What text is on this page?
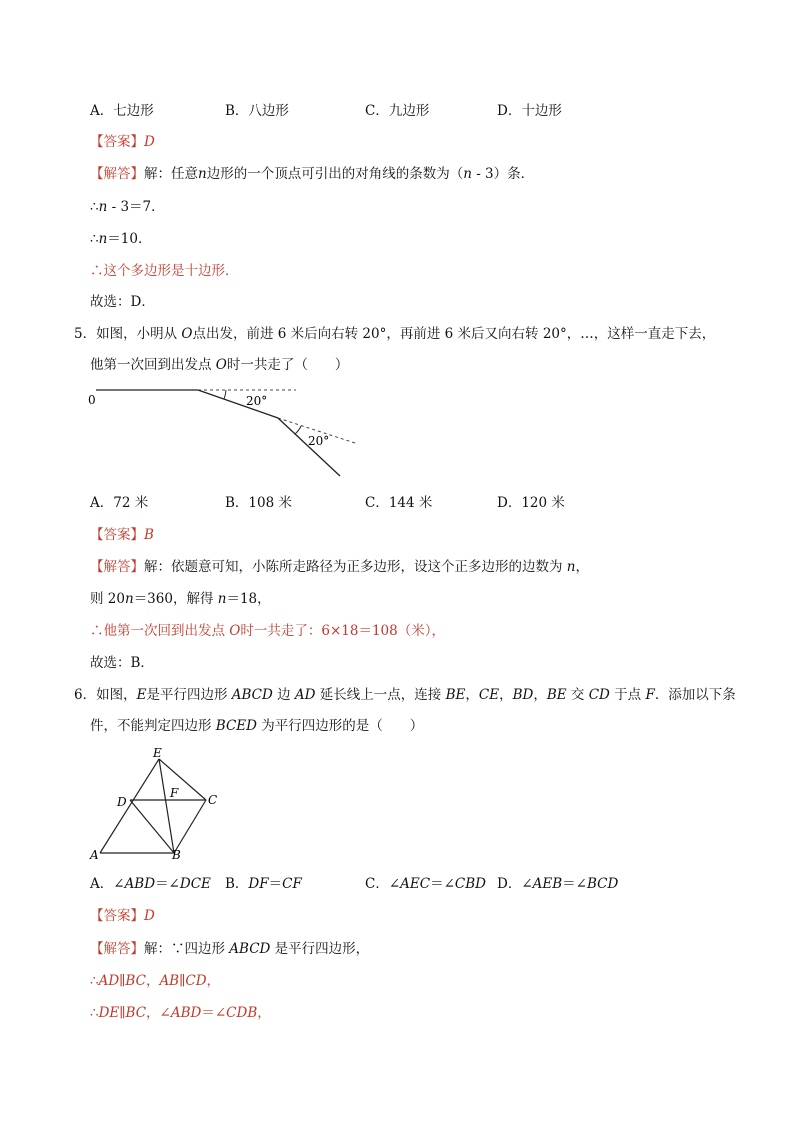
A．七边形	B．八边形	C．九边形	D．十边形
【答案】D
【解答】解：任意n边形的一个顶点可引出的对角线的条数为（n - 3）条．
∴n - 3＝7．
∴n＝10．
∴这个多边形是十边形．
故选：D．
5．如图，小明从 O点出发，前进 6 米后向右转 20°，再前进 6 米后又向右转 20°，…，这样一直走下去，
他第一次回到出发点 O时一共走了（　　）
0	20°
20°
A．72 米	B．108 米	C．144 米	D．120 米
【答案】B
【解答】解：依题意可知，小陈所走路径为正多边形，设这个正多边形的边数为 n，
则 20n＝360，解得 n＝18，
∴他第一次回到出发点 O时一共走了：6×18＝108（米），
故选：B．
6．如图，E是平行四边形 ABCD 边 AD 延长线上一点，连接 BE，CE，BD，BE 交 CD 于点 F．添加以下条
件，不能判定四边形 BCED 为平行四边形的是（　　）
E
D
F C
A	B
A．∠ABD＝∠DCE B．DF＝CF	C．∠AEC＝∠CBD D．∠AEB＝∠BCD
【答案】D
【解答】解：∵四边形 ABCD 是平行四边形，
∴AD∥BC，AB∥CD，
∴DE∥BC，∠ABD＝∠CDB，
